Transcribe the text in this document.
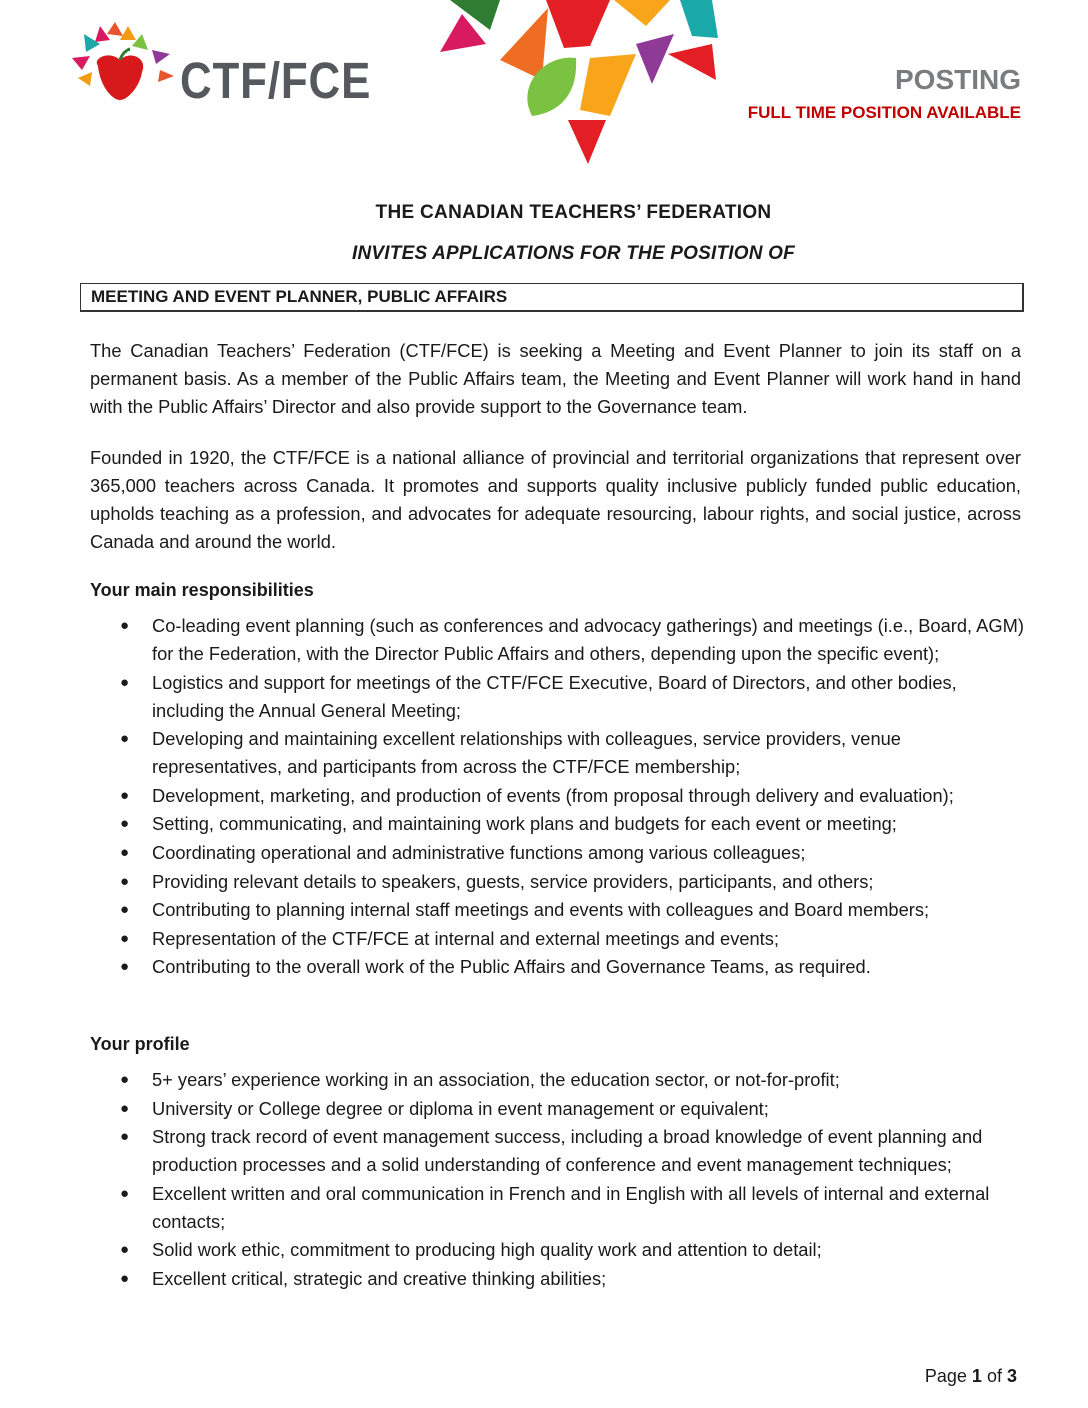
CTF/FCE	POSTING
FULL TIME POSITION AVAILABLE
THE CANADIAN TEACHERS’ FEDERATION
INVITES APPLICATIONS FOR THE POSITION OF
MEETING AND EVENT PLANNER, PUBLIC AFFAIRS

The Canadian Teachers’ Federation (CTF/FCE) is seeking a Meeting and Event Planner to join its staff on a permanent basis. As a member of the Public Affairs team, the Meeting and Event Planner will work hand in hand with the Public Affairs’ Director and also provide support to the Governance team.

Founded in 1920, the CTF/FCE is a national alliance of provincial and territorial organizations that represent over 365,000 teachers across Canada. It promotes and supports quality inclusive publicly funded public education, upholds teaching as a profession, and advocates for adequate resourcing, labour rights, and social justice, across Canada and around the world.

Your main responsibilities
● Co-leading event planning (such as conferences and advocacy gatherings) and meetings (i.e., Board, AGM) for the Federation, with the Director Public Affairs and others, depending upon the specific event);
● Logistics and support for meetings of the CTF/FCE Executive, Board of Directors, and other bodies, including the Annual General Meeting;
● Developing and maintaining excellent relationships with colleagues, service providers, venue representatives, and participants from across the CTF/FCE membership;
● Development, marketing, and production of events (from proposal through delivery and evaluation);
● Setting, communicating, and maintaining work plans and budgets for each event or meeting;
● Coordinating operational and administrative functions among various colleagues;
● Providing relevant details to speakers, guests, service providers, participants, and others;
● Contributing to planning internal staff meetings and events with colleagues and Board members;
● Representation of the CTF/FCE at internal and external meetings and events;
● Contributing to the overall work of the Public Affairs and Governance Teams, as required.
Your profile
● 5+ years’ experience working in an association, the education sector, or not-for-profit;
● University or College degree or diploma in event management or equivalent;
● Strong track record of event management success, including a broad knowledge of event planning and production processes and a solid understanding of conference and event management techniques;
● Excellent written and oral communication in French and in English with all levels of internal and external contacts;
● Solid work ethic, commitment to producing high quality work and attention to detail;
● Excellent critical, strategic and creative thinking abilities;
Page 1 of 3
